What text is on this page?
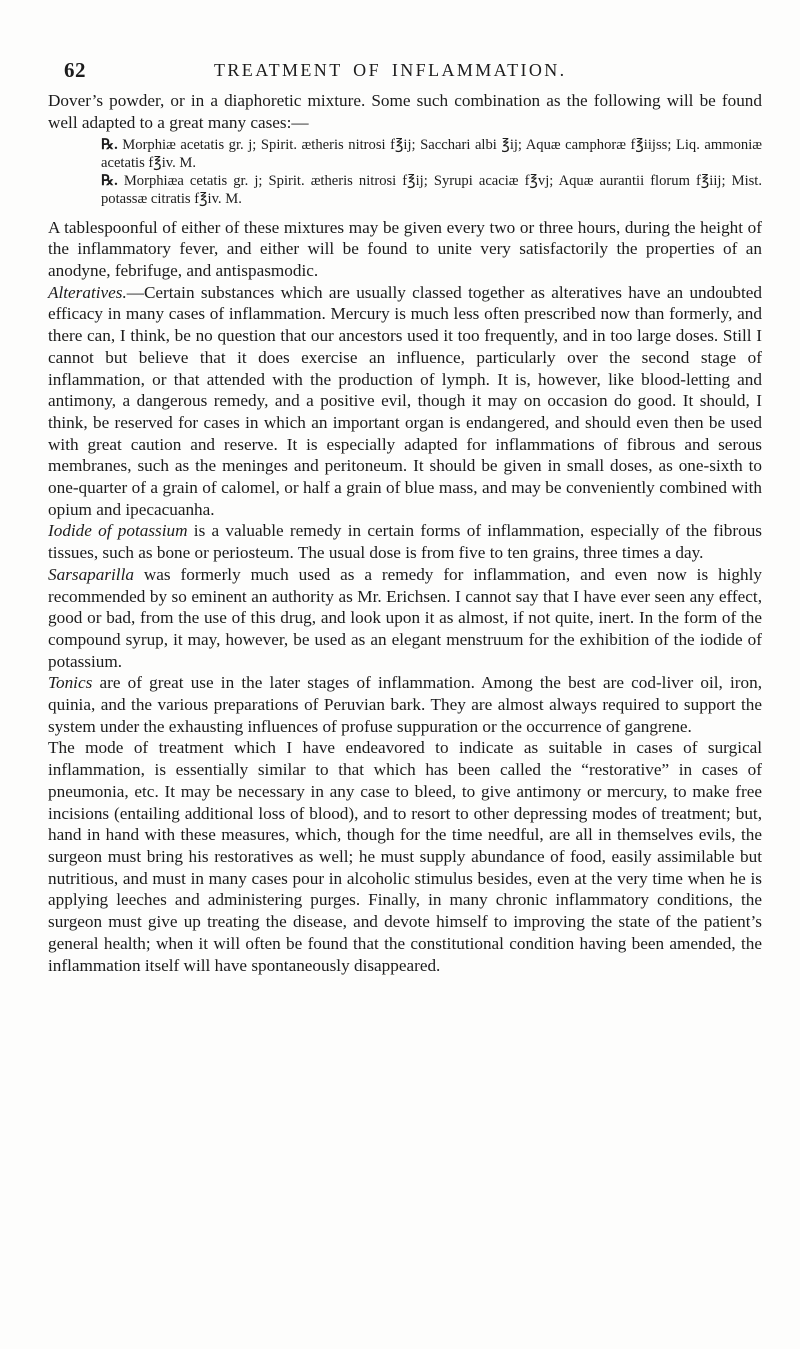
62	TREATMENT OF INFLAMMATION.

Dover’s powder, or in a diaphoretic mixture. Some such combination as the following will be found well adapted to a great many cases:—

℞. Morphiæ acetatis gr. j; Spirit. ætheris nitrosi f℥ij; Sacchari albi ℥ij; Aquæ camphoræ f℥iijss; Liq. ammoniæ acetatis f℥iv. M.

℞. Morphiæa cetatis gr. j; Spirit. ætheris nitrosi f℥ij; Syrupi acaciæ f℥vj; Aquæ aurantii florum f℥iij; Mist. potassæ citratis f℥iv. M.

A tablespoonful of either of these mixtures may be given every two or three hours, during the height of the inflammatory fever, and either will be found to unite very satisfactorily the properties of an anodyne, febrifuge, and antispasmodic.

Alteratives.—Certain substances which are usually classed together as alteratives have an undoubted efficacy in many cases of inflammation. Mercury is much less often prescribed now than formerly, and there can, I think, be no question that our ancestors used it too frequently, and in too large doses. Still I cannot but believe that it does exercise an influence, particularly over the second stage of inflammation, or that attended with the production of lymph. It is, however, like blood-letting and antimony, a dangerous remedy, and a positive evil, though it may on occasion do good. It should, I think, be reserved for cases in which an important organ is endangered, and should even then be used with great caution and reserve. It is especially adapted for inflammations of fibrous and serous membranes, such as the meninges and peritoneum. It should be given in small doses, as one-sixth to one-quarter of a grain of calomel, or half a grain of blue mass, and may be conveniently combined with opium and ipecacuanha.

Iodide of potassium is a valuable remedy in certain forms of inflammation, especially of the fibrous tissues, such as bone or periosteum. The usual dose is from five to ten grains, three times a day.

Sarsaparilla was formerly much used as a remedy for inflammation, and even now is highly recommended by so eminent an authority as Mr. Erichsen. I cannot say that I have ever seen any effect, good or bad, from the use of this drug, and look upon it as almost, if not quite, inert. In the form of the compound syrup, it may, however, be used as an elegant menstruum for the exhibition of the iodide of potassium.

Tonics are of great use in the later stages of inflammation. Among the best are cod-liver oil, iron, quinia, and the various preparations of Peruvian bark. They are almost always required to support the system under the exhausting influences of profuse suppuration or the occurrence of gangrene.

The mode of treatment which I have endeavored to indicate as suitable in cases of surgical inflammation, is essentially similar to that which has been called the “restorative” in cases of pneumonia, etc. It may be necessary in any case to bleed, to give antimony or mercury, to make free incisions (entailing additional loss of blood), and to resort to other depressing modes of treatment; but, hand in hand with these measures, which, though for the time needful, are all in themselves evils, the surgeon must bring his restoratives as well; he must supply abundance of food, easily assimilable but nutritious, and must in many cases pour in alcoholic stimulus besides, even at the very time when he is applying leeches and administering purges. Finally, in many chronic inflammatory conditions, the surgeon must give up treating the disease, and devote himself to improving the state of the patient’s general health; when it will often be found that the constitutional condition having been amended, the inflammation itself will have spontaneously disappeared.
